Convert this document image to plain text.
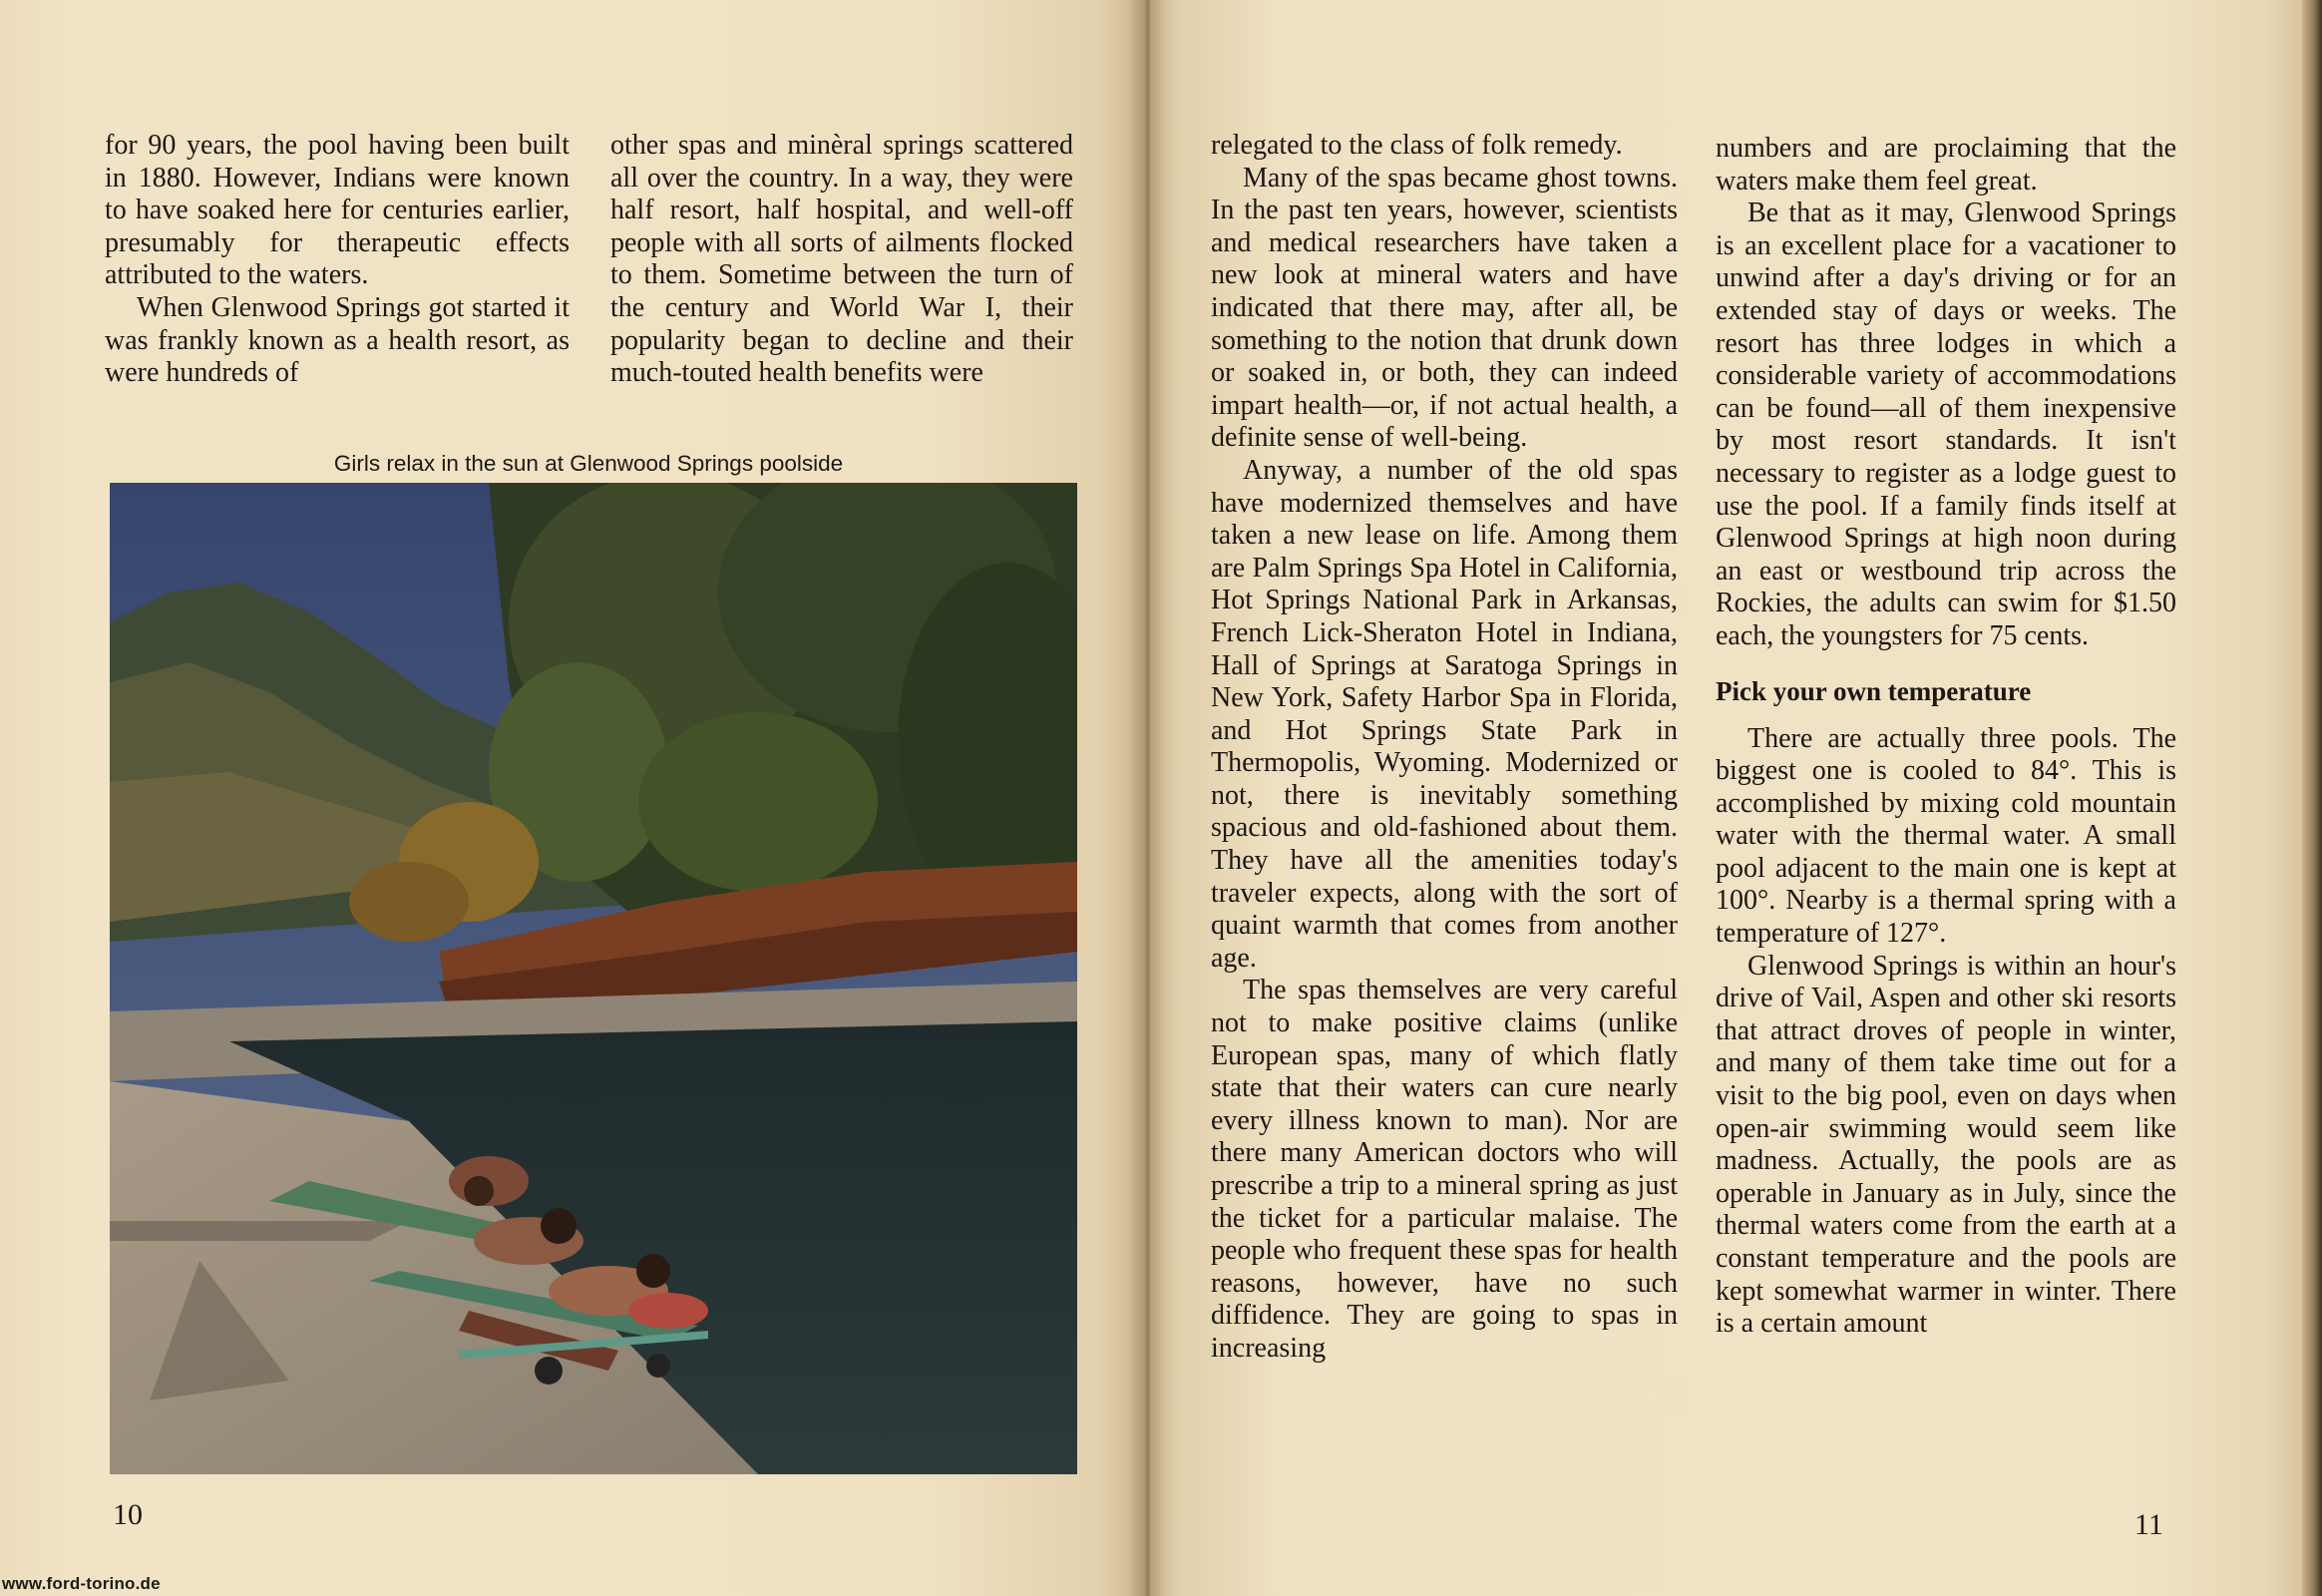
for 90 years, the pool having been built in 1880. However, Indians were known to have soaked here for centuries earlier, presumably for therapeutic effects attributed to the waters.

When Glenwood Springs got started it was frankly known as a health resort, as were hundreds of

other spas and minèral springs scattered all over the country. In a way, they were half resort, half hospital, and well-off people with all sorts of ailments flocked to them. Sometime between the turn of the century and World War I, their popularity began to decline and their much-touted health benefits were

Girls relax in the sun at Glenwood Springs poolside
10

relegated to the class of folk remedy.

Many of the spas became ghost towns. In the past ten years, however, scientists and medical researchers have taken a new look at mineral waters and have indicated that there may, after all, be something to the notion that drunk down or soaked in, or both, they can indeed impart health—or, if not actual health, a definite sense of well-being.

Anyway, a number of the old spas have modernized themselves and have taken a new lease on life. Among them are Palm Springs Spa Hotel in California, Hot Springs National Park in Arkansas, French Lick-Sheraton Hotel in Indiana, Hall of Springs at Saratoga Springs in New York, Safety Harbor Spa in Florida, and Hot Springs State Park in Thermopolis, Wyoming. Modernized or not, there is inevitably something spacious and old-fashioned about them. They have all the amenities today's traveler expects, along with the sort of quaint warmth that comes from another age.

The spas themselves are very careful not to make positive claims (unlike European spas, many of which flatly state that their waters can cure nearly every illness known to man). Nor are there many American doctors who will prescribe a trip to a mineral spring as just the ticket for a particular malaise. The people who frequent these spas for health reasons, however, have no such diffidence. They are going to spas in increasing

numbers and are proclaiming that the waters make them feel great.

Be that as it may, Glenwood Springs is an excellent place for a vacationer to unwind after a day's driving or for an extended stay of days or weeks. The resort has three lodges in which a considerable variety of accommodations can be found—all of them inexpensive by most resort standards. It isn't necessary to register as a lodge guest to use the pool. If a family finds itself at Glenwood Springs at high noon during an east or westbound trip across the Rockies, the adults can swim for $1.50 each, the youngsters for 75 cents.

Pick your own temperature

There are actually three pools. The biggest one is cooled to 84°. This is accomplished by mixing cold mountain water with the thermal water. A small pool adjacent to the main one is kept at 100°. Nearby is a thermal spring with a temperature of 127°.

Glenwood Springs is within an hour's drive of Vail, Aspen and other ski resorts that attract droves of people in winter, and many of them take time out for a visit to the big pool, even on days when open-air swimming would seem like madness. Actually, the pools are as operable in January as in July, since the thermal waters come from the earth at a constant temperature and the pools are kept somewhat warmer in winter. There is a certain amount

11
www.ford-torino.de
